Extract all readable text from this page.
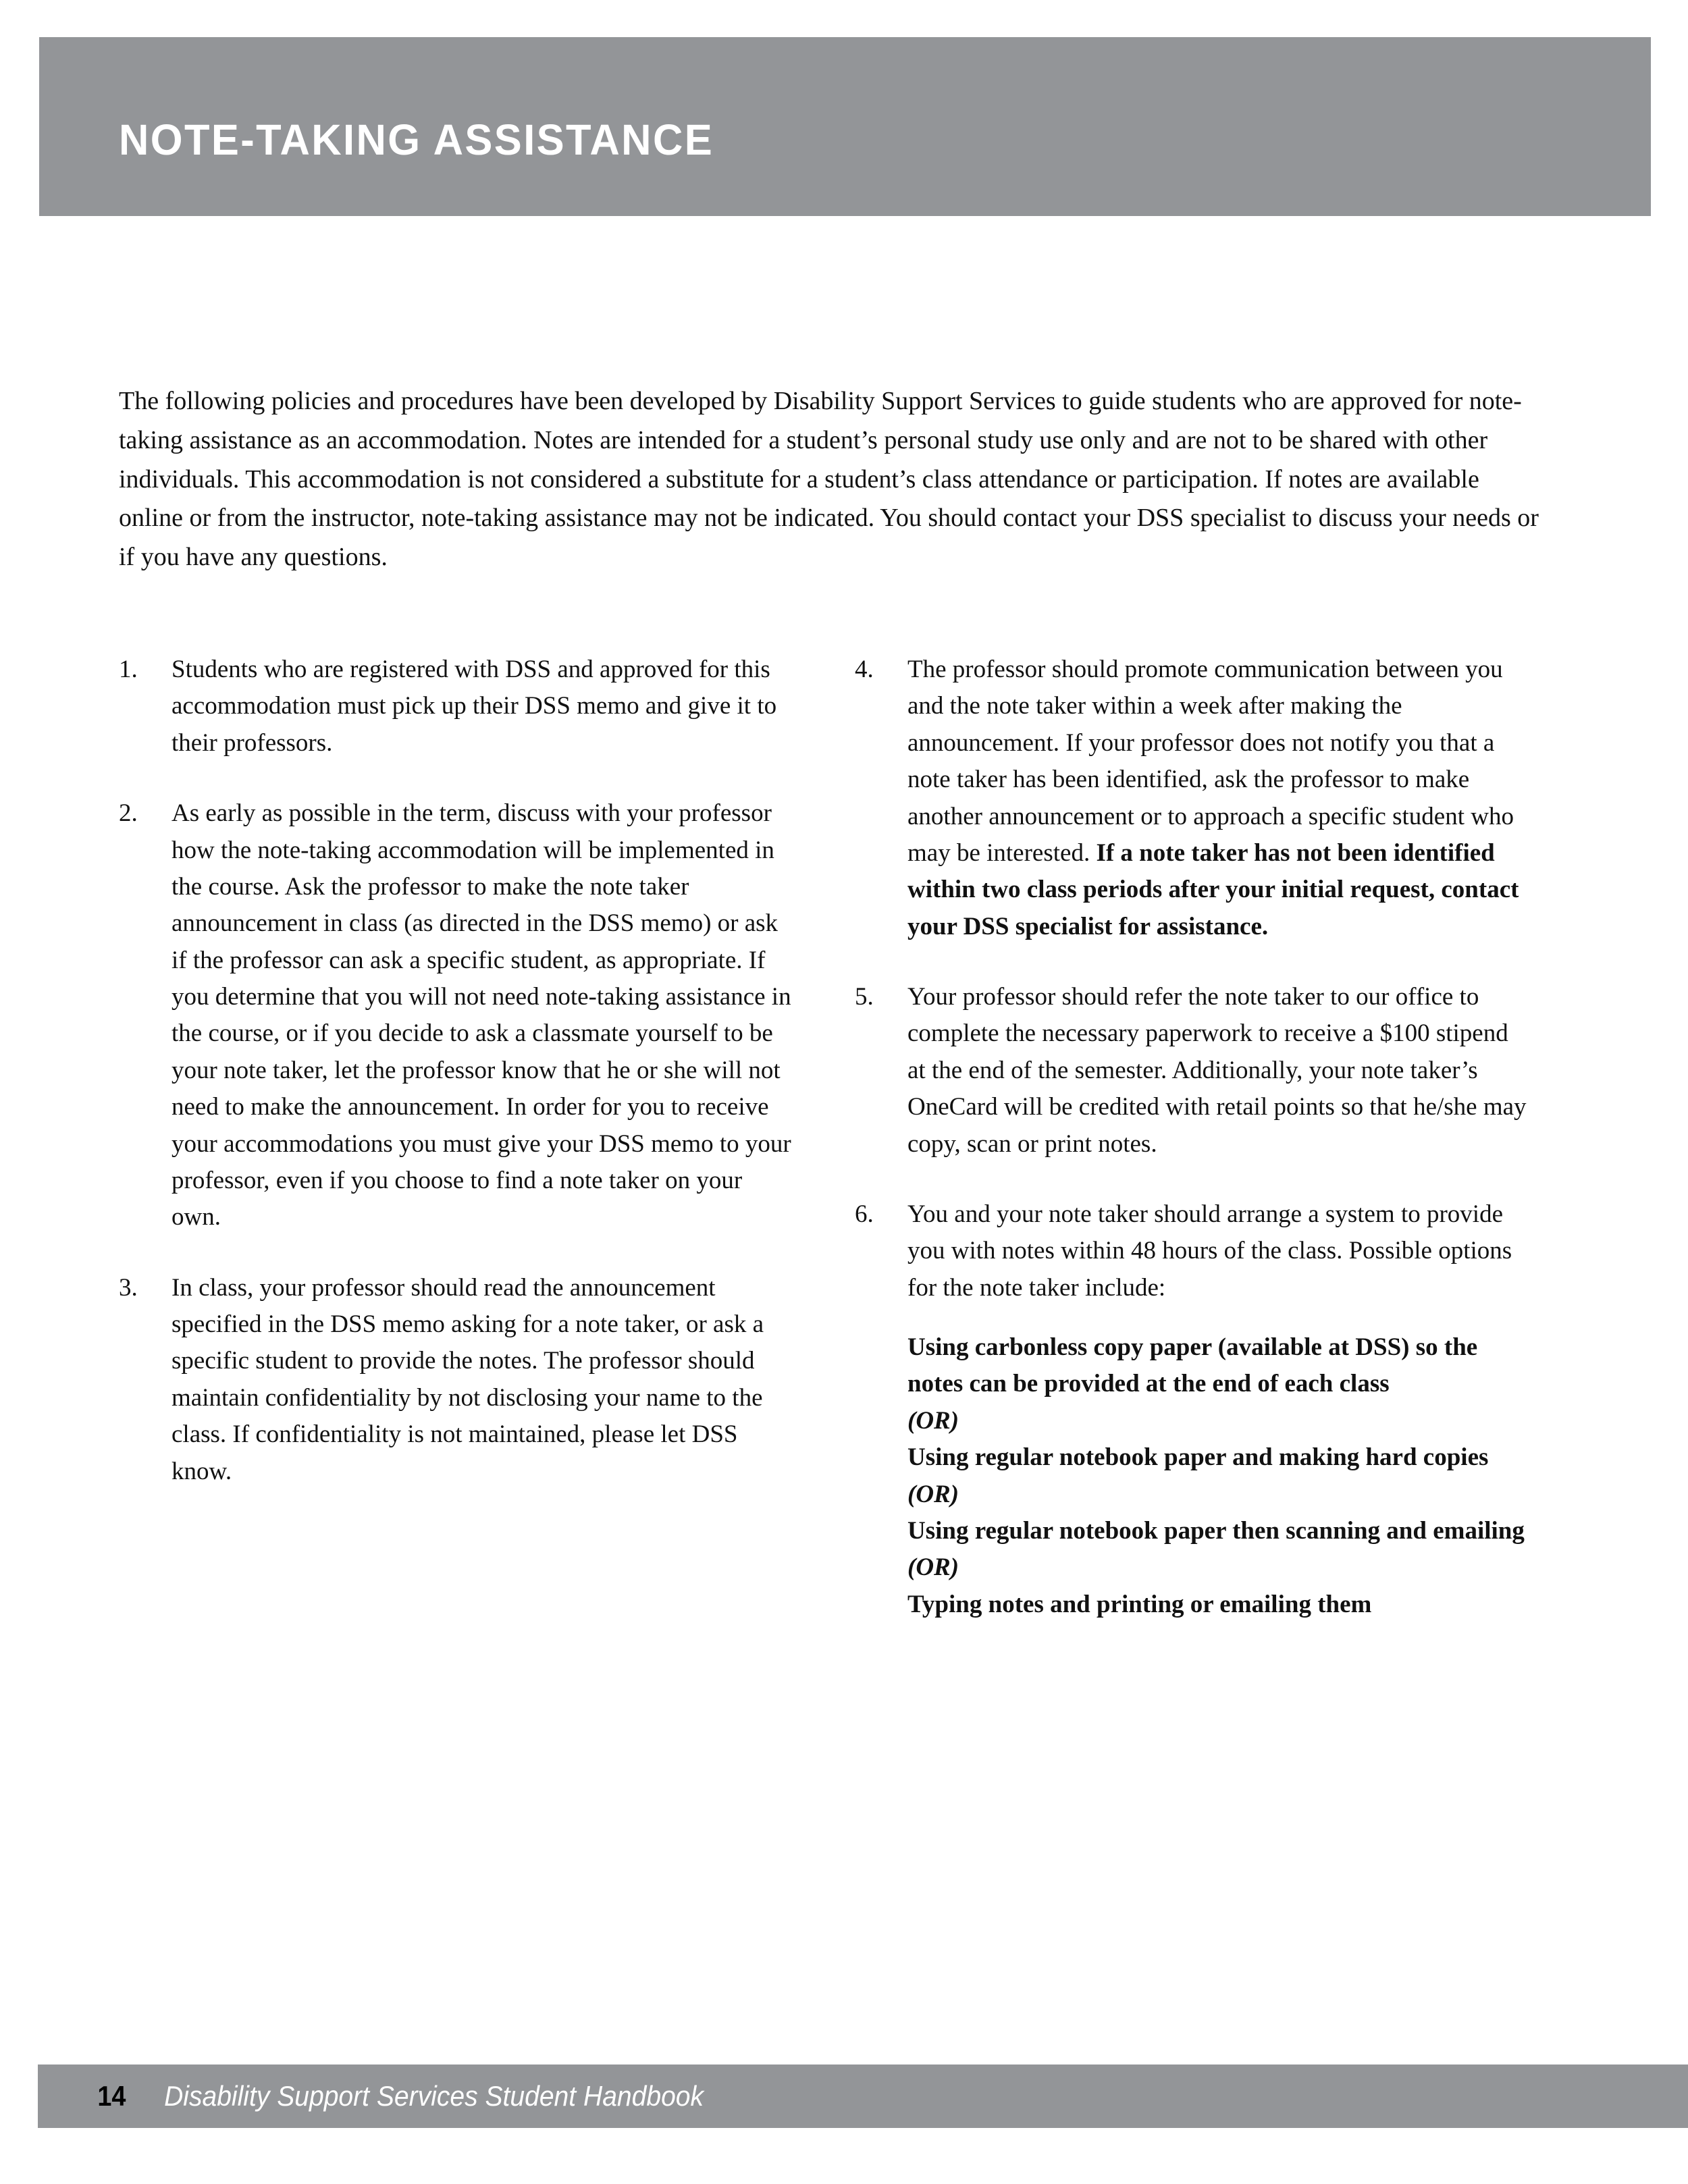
NOTE-TAKING ASSISTANCE

The following policies and procedures have been developed by Disability Support Services to guide students who are approved for note-taking assistance as an accommodation. Notes are intended for a student’s personal study use only and are not to be shared with other individuals. This accommodation is not considered a substitute for a student’s class attendance or participation. If notes are available online or from the instructor, note-taking assistance may not be indicated. You should contact your DSS specialist to discuss your needs or if you have any questions.

1.	Students who are registered with DSS and approved for this accommodation must pick up their DSS memo and give it to their professors.
2.	As early as possible in the term, discuss with your professor how the note-taking accommodation will be implemented in the course. Ask the professor to make the note taker announcement in class (as directed in the DSS memo) or ask if the professor can ask a specific student, as appropriate. If you determine that you will not need note-taking assistance in the course, or if you decide to ask a classmate yourself to be your note taker, let the professor know that he or she will not need to make the announcement. In order for you to receive your accommodations you must give your DSS memo to your professor, even if you choose to find a note taker on your own.
3.	In class, your professor should read the announcement specified in the DSS memo asking for a note taker, or ask a specific student to provide the notes. The professor should maintain confidentiality by not disclosing your name to the class. If confidentiality is not maintained, please let DSS know.
4.	The professor should promote communication between you and the note taker within a week after making the announcement. If your professor does not notify you that a note taker has been identified, ask the professor to make another announcement or to approach a specific student who may be interested. If a note taker has not been identified within two class periods after your initial request, contact your DSS specialist for assistance.
5.	Your professor should refer the note taker to our office to complete the necessary paperwork to receive a $100 stipend at the end of the semester. Additionally, your note taker’s OneCard will be credited with retail points so that he/she may copy, scan or print notes.
6.	You and your note taker should arrange a system to provide you with notes within 48 hours of the class. Possible options for the note taker include:
Using carbonless copy paper (available at DSS) so the notes can be provided at the end of each class
(OR)
Using regular notebook paper and making hard copies
(OR)
Using regular notebook paper then scanning and emailing
(OR)
Typing notes and printing or emailing them
14 Disability Support Services Student Handbook
